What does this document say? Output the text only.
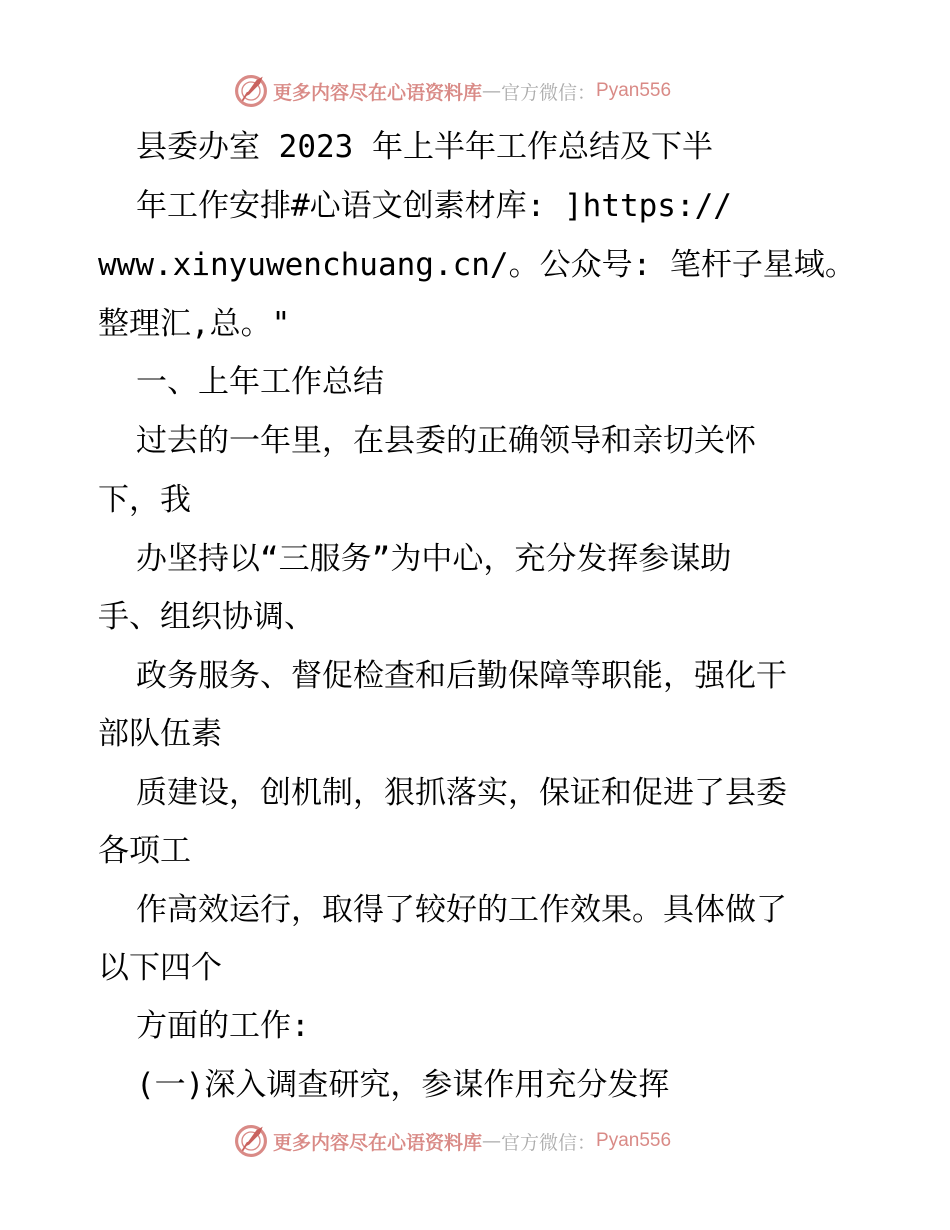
更多内容尽在心语资料库 — 官方微信： Pyan556

县委办室 2023 年上半年工作总结及下半

年工作安排#心语文创素材库: ]https://

www.xinyuwenchuang.cn/。公众号: 笔杆子星域。

整理汇,总。"

一、上年工作总结

过去的一年里，在县委的正确领导和亲切关怀

下，我

办坚持以“三服务”为中心，充分发挥参谋助

手、组织协调、

政务服务、督促检查和后勤保障等职能，强化干

部队伍素

质建设，创机制，狠抓落实，保证和促进了县委

各项工

作高效运行，取得了较好的工作效果。具体做了

以下四个

方面的工作:

(一)深入调查研究，参谋作用充分发挥

更多内容尽在心语资料库 — 官方微信： Pyan556
